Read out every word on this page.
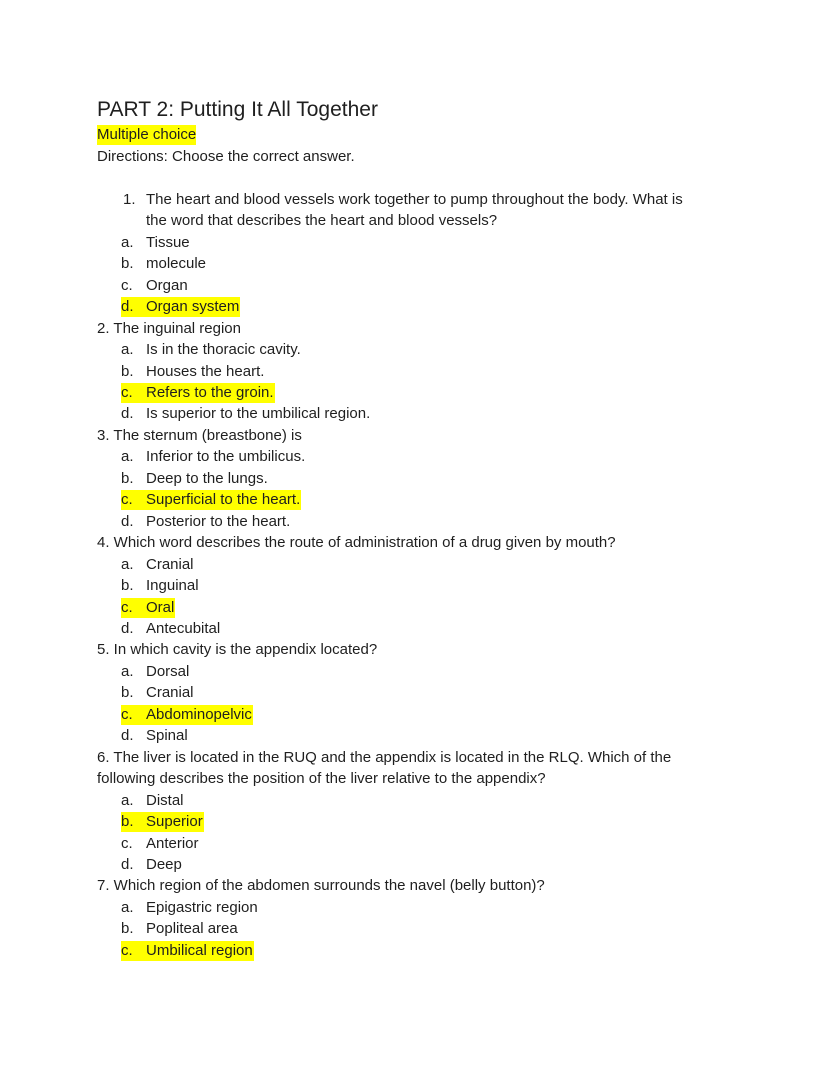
PART 2: Putting It All Together
Multiple choice
Directions: Choose the correct answer.
1. The heart and blood vessels work together to pump throughout the body. What is
the word that describes the heart and blood vessels?
a. Tissue
b. molecule
c. Organ
d. Organ system
2. The inguinal region
a. Is in the thoracic cavity.
b. Houses the heart.
c. Refers to the groin.
d. Is superior to the umbilical region.
3. The sternum (breastbone) is
a. Inferior to the umbilicus.
b. Deep to the lungs.
c. Superficial to the heart.
d. Posterior to the heart.
4. Which word describes the route of administration of a drug given by mouth?
a. Cranial
b. Inguinal
c. Oral
d. Antecubital
5. In which cavity is the appendix located?
a. Dorsal
b. Cranial
c. Abdominopelvic
d. Spinal
6. The liver is located in the RUQ and the appendix is located in the RLQ. Which of the
following describes the position of the liver relative to the appendix?
a. Distal
b. Superior
c. Anterior
d. Deep
7. Which region of the abdomen surrounds the navel (belly button)?
a. Epigastric region
b. Popliteal area
c. Umbilical region
